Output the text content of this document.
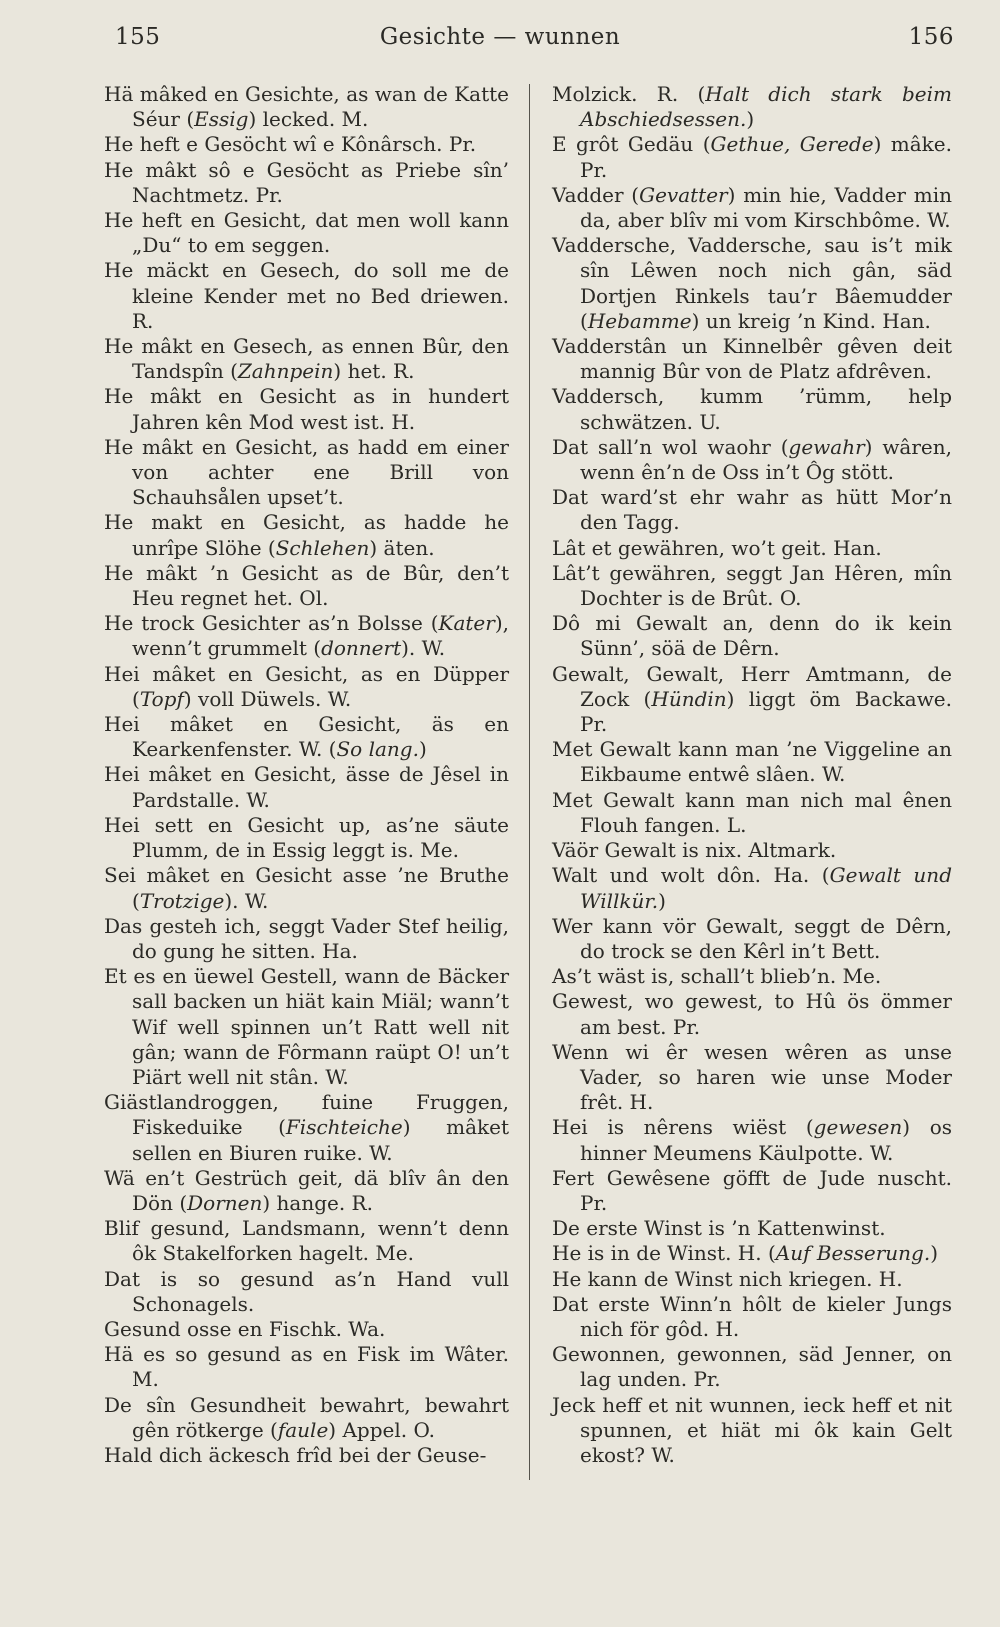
155	Gesichte — wunnen	156

Hä mâked en Gesichte, as wan de Katte Séur (Essig) lecked. M.

He heft e Gesöcht wî e Kônârsch. Pr.

He mâkt sô e Gesöcht as Priebe sîn’ Nachtmetz. Pr.

He heft en Gesicht, dat men woll kann „Du“ to em seggen.

He mäckt en Gesech, do soll me de kleine Kender met no Bed driewen. R.

He mâkt en Gesech, as ennen Bûr, den Tandspîn (Zahnpein) het. R.

He mâkt en Gesicht as in hundert Jahren kên Mod west ist. H.

He mâkt en Gesicht, as hadd em einer von achter ene Brill von Schauhsålen upset’t.

He makt en Gesicht, as hadde he unrîpe Slöhe (Schlehen) äten.

He mâkt ’n Gesicht as de Bûr, den’t Heu regnet het. Ol.

He trock Gesichter as’n Bolsse (Kater), wenn’t grummelt (donnert). W.

Hei mâket en Gesicht, as en Düpper (Topf) voll Düwels. W.

Hei mâket en Gesicht, äs en Kearkenfenster. W. (So lang.)

Hei mâket en Gesicht, ässe de Jêsel in Pardstalle. W.

Hei sett en Gesicht up, as’ne säute Plumm, de in Essig leggt is. Me.

Sei mâket en Gesicht asse ’ne Bruthe (Trotzige). W.

Das gesteh ich, seggt Vader Stef heilig, do gung he sitten. Ha.

Et es en üewel Gestell, wann de Bäcker sall backen un hiät kain Miäl; wann’t Wif well spinnen un’t Ratt well nit gân; wann de Fôrmann raüpt O! un’t Piärt well nit stân. W.

Giästlandroggen, fuine Fruggen, Fiskeduike (Fischteiche) mâket sellen en Biuren ruike. W.

Wä en’t Gestrüch geit, dä blîv ân den Dön (Dornen) hange. R.

Blif gesund, Landsmann, wenn’t denn ôk Stakelforken hagelt. Me.

Dat is so gesund as’n Hand vull Schonagels.

Gesund osse en Fischk. Wa.

Hä es so gesund as en Fisk im Wâter. M.

De sîn Gesundheit bewahrt, bewahrt gên rötkerge (faule) Appel. O.

Hald dich äckesch frîd bei der Geuse-

Molzick. R. (Halt dich stark beim Abschiedsessen.)

E grôt Gedäu (Gethue, Gerede) mâke. Pr.

Vadder (Gevatter) min hie, Vadder min da, aber blîv mi vom Kirschbôme. W.

Vaddersche, Vaddersche, sau is’t mik sîn Lêwen noch nich gân, säd Dortjen Rinkels tau’r Bâemudder (Hebamme) un kreig ’n Kind. Han.

Vadderstân un Kinnelbêr gêven deit mannig Bûr von de Platz afdrêven.

Vaddersch, kumm ’rümm, help schwätzen. U.

Dat sall’n wol waohr (gewahr) wâren, wenn ên’n de Oss in’t Ôg stött.

Dat ward’st ehr wahr as hütt Mor’n den Tagg.

Lât et gewähren, wo’t geit. Han.

Lât’t gewähren, seggt Jan Hêren, mîn Dochter is de Brût. O.

Dô mi Gewalt an, denn do ik kein Sünn’, söä de Dêrn.

Gewalt, Gewalt, Herr Amtmann, de Zock (Hündin) liggt öm Backawe. Pr.

Met Gewalt kann man ’ne Viggeline an Eikbaume entwê slâen. W.

Met Gewalt kann man nich mal ênen Flouh fangen. L.

Väör Gewalt is nix. Altmark.

Walt und wolt dôn. Ha. (Gewalt und Willkür.)

Wer kann vör Gewalt, seggt de Dêrn, do trock se den Kêrl in’t Bett.

As’t wäst is, schall’t blieb’n. Me.

Gewest, wo gewest, to Hû ös ömmer am best. Pr.

Wenn wi êr wesen wêren as unse Vader, so haren wie unse Moder frêt. H.

Hei is nêrens wiëst (gewesen) os hinner Meumens Käulpotte. W.

Fert Gewêsene göfft de Jude nuscht. Pr.

De erste Winst is ’n Kattenwinst.

He is in de Winst. H. (Auf Besserung.)

He kann de Winst nich kriegen. H.

Dat erste Winn’n hôlt de kieler Jungs nich för gôd. H.

Gewonnen, gewonnen, säd Jenner, on lag unden. Pr.

Jeck heff et nit wunnen, ieck heff et nit spunnen, et hiät mi ôk kain Gelt ekost? W.
